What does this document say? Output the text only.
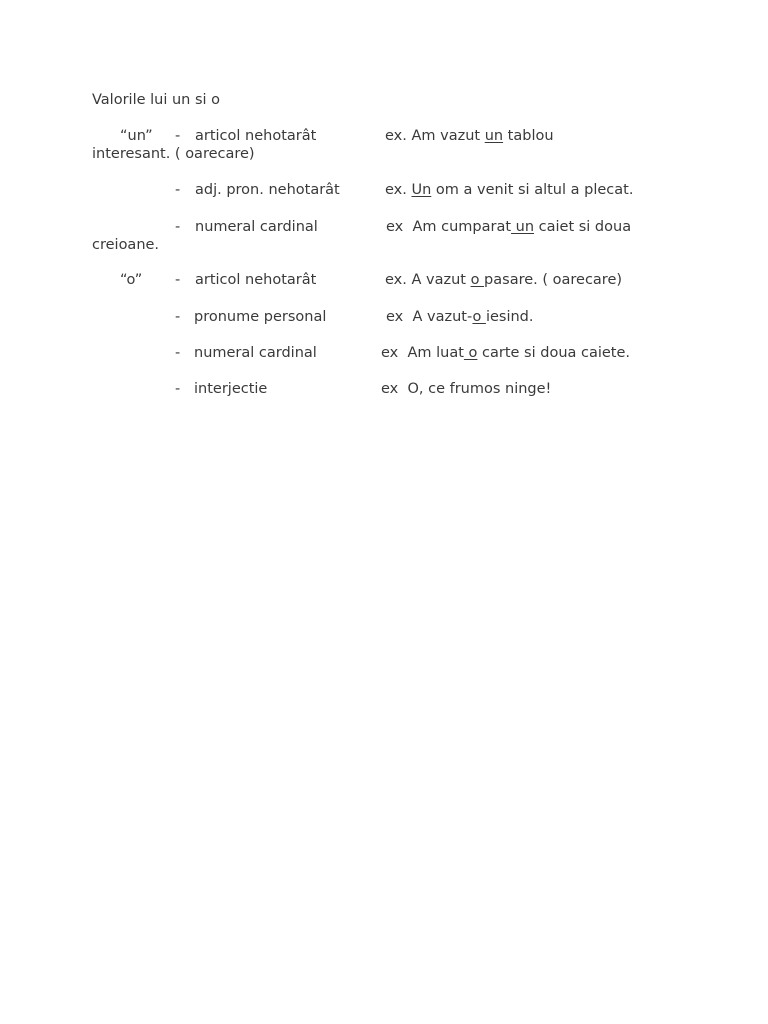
Valorile lui un si o
“un” - articol nehotarât	ex. Am vazut un tablou
interesant. ( oarecare)
- adj. pron. nehotarât	ex. Un om a venit si altul a plecat.
- numeral cardinal	ex Am cumparat un caiet si doua
creioane.
“o” - articol nehotarât	ex. A vazut o pasare. ( oarecare)
- pronume personal	ex A vazut-o iesind.
- numeral cardinal	ex Am luat o carte si doua caiete.
- interjectie	ex O, ce frumos ninge!
